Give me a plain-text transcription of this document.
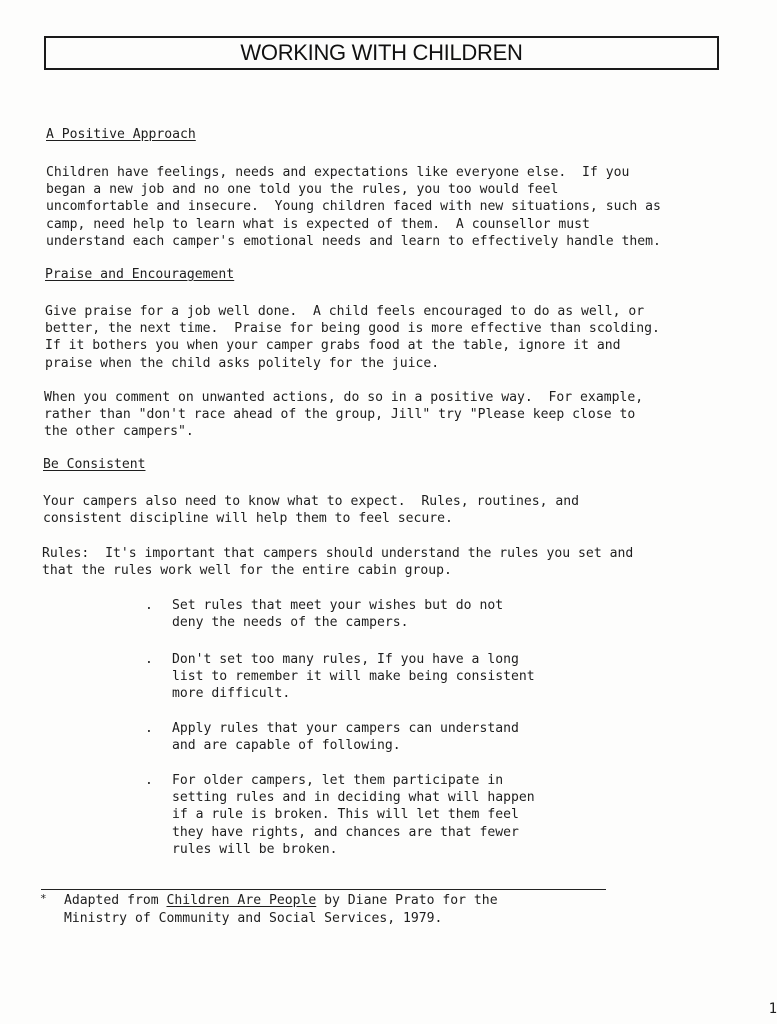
WORKING WITH CHILDREN
A Positive Approach
Children have feelings, needs and expectations like everyone else.  If you
began a new job and no one told you the rules, you too would feel
uncomfortable and insecure.  Young children faced with new situations, such as
camp, need help to learn what is expected of them.  A counsellor must
understand each camper's emotional needs and learn to effectively handle them.
Praise and Encouragement
Give praise for a job well done.  A child feels encouraged to do as well, or
better, the next time.  Praise for being good is more effective than scolding.
If it bothers you when your camper grabs food at the table, ignore it and
praise when the child asks politely for the juice.
When you comment on unwanted actions, do so in a positive way.  For example,
rather than "don't race ahead of the group, Jill" try "Please keep close to
the other campers".
Be Consistent
Your campers also need to know what to expect.  Rules, routines, and
consistent discipline will help them to feel secure.
Rules:  It's important that campers should understand the rules you set and
that the rules work well for the entire cabin group.
. Set rules that meet your wishes but do not
deny the needs of the campers.
. Don't set too many rules, If you have a long
list to remember it will make being consistent
more difficult.
. Apply rules that your campers can understand
and are capable of following.
. For older campers, let them participate in
setting rules and in deciding what will happen
if a rule is broken. This will let them feel
they have rights, and chances are that fewer
rules will be broken.
* Adapted from Children Are People by Diane Prato for the
Ministry of Community and Social Services, 1979.
1
